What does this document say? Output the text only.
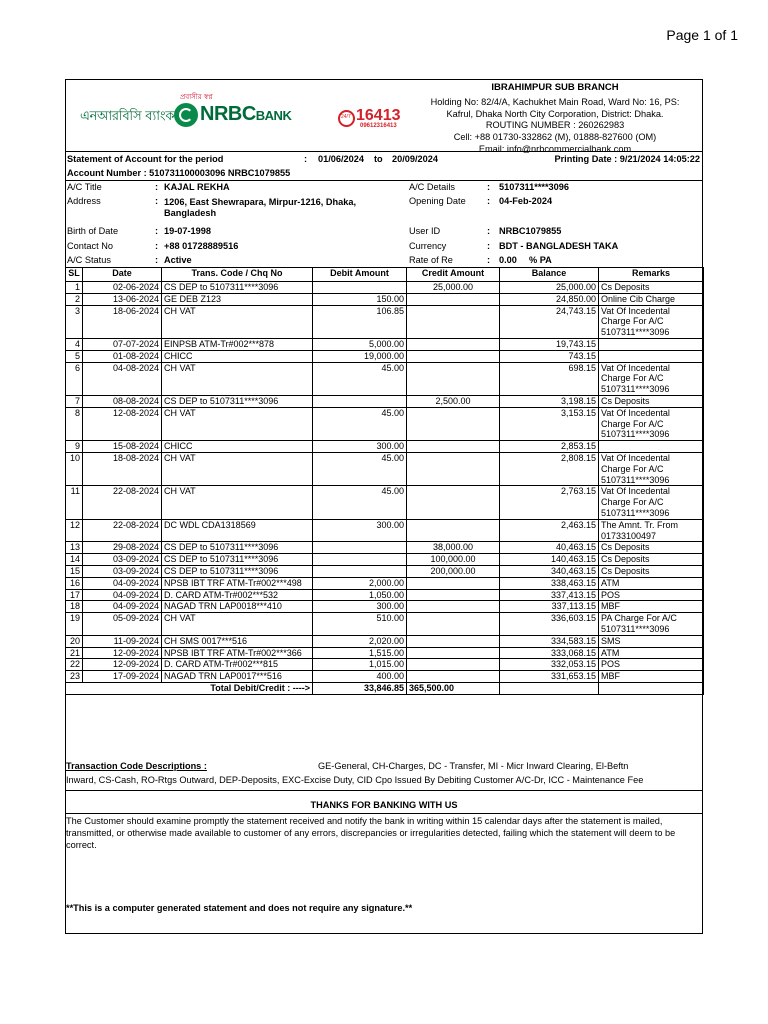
Page 1 of 1
প্রবাসীর স্বপ্ন
এনআরবিসি ব্যাংক NRBCBANK	24/7 16413
09612316413
IBRAHIMPUR SUB BRANCH
Holding No: 82/4/A, Kachukhet Main Road, Ward No: 16, PS:
Kafrul, Dhaka North City Corporation, District: Dhaka.
ROUTING NUMBER : 260262983
Cell: +88 01730-332862 (M), 01888-827600 (OM)
Email: info@nrbcommercialbank.com
Statement of Account for the period	: 01/06/2024 to 20/09/2024	Printing Date : 9/21/2024 14:05:22
Account Number : 510731100003096 NRBC1079855
A/C Title	: KAJAL REKHA
Address	: 1206, East Shewrapara, Mirpur-1216, Dhaka,
Bangladesh
Birth of Date	: 19-07-1998
Contact No	: +88 01728889516
A/C Status	: Active
A/C Details	: 5107311****3096
Opening Date : 04-Feb-2024
User ID	: NRBC1079855
Currency	: BDT - BANGLADESH TAKA
Rate of Re	: 0.00 % PA
SL	Date	Trans. Code / Chq No	Debit Amount	Credit Amount	Balance	Remarks
1	02-06-2024	CS DEP to 5107311****3096		25,000.00	25,000.00	Cs Deposits
2	13-06-2024	GE DEB Z123	150.00		24,850.00	Online Cib Charge
3	18-06-2024	CH VAT	106.85		24,743.15	Vat Of Incedental Charge For A/C 5107311****3096
4	07-07-2024	EINPSB ATM-Tr#002***878	5,000.00		19,743.15	
5	01-08-2024	CHICC	19,000.00		743.15	
6	04-08-2024	CH VAT	45.00		698.15	Vat Of Incedental Charge For A/C 5107311****3096
7	08-08-2024	CS DEP to 5107311****3096		2,500.00	3,198.15	Cs Deposits
8	12-08-2024	CH VAT	45.00		3,153.15	Vat Of Incedental Charge For A/C 5107311****3096
9	15-08-2024	CHICC	300.00		2,853.15	
10	18-08-2024	CH VAT	45.00		2,808.15	Vat Of Incedental Charge For A/C 5107311****3096
11	22-08-2024	CH VAT	45.00		2,763.15	Vat Of Incedental Charge For A/C 5107311****3096
12	22-08-2024	DC WDL CDA1318569	300.00		2,463.15	The Amnt. Tr. From 01733100497
13	29-08-2024	CS DEP to 5107311****3096		38,000.00	40,463.15	Cs Deposits
14	03-09-2024	CS DEP to 5107311****3096		100,000.00	140,463.15	Cs Deposits
15	03-09-2024	CS DEP to 5107311****3096		200,000.00	340,463.15	Cs Deposits
16	04-09-2024	NPSB IBT TRF ATM-Tr#002***498	2,000.00		338,463.15	ATM
17	04-09-2024	D. CARD ATM-Tr#002***532	1,050.00		337,413.15	POS
18	04-09-2024	NAGAD TRN LAP0018***410	300.00		337,113.15	MBF
19	05-09-2024	CH VAT	510.00		336,603.15	PA Charge For A/C 5107311****3096
20	11-09-2024	CH SMS 0017***516	2,020.00		334,583.15	SMS
21	12-09-2024	NPSB IBT TRF ATM-Tr#002***366	1,515.00		333,068.15	ATM
22	12-09-2024	D. CARD ATM-Tr#002***815	1,015.00		332,053.15	POS
23	17-09-2024	NAGAD TRN LAP0017***516	400.00		331,653.15	MBF
Total Debit/Credit : ---->			33,846.85	365,500.00		
Transaction Code Descriptions :	GE-General, CH-Charges, DC - Transfer, MI - Micr Inward Clearing, El-Beftn
Inward, CS-Cash, RO-Rtgs Outward, DEP-Deposits, EXC-Excise Duty, CID Cpo Issued By Debiting Customer A/C-Dr, ICC - Maintenance Fee
THANKS FOR BANKING WITH US
The Customer should examine promptly the statement received and notify the bank in writing within 15 calendar days after the statement is mailed, transmitted, or otherwise made available to customer of any errors, discrepancies or irregularities detected, failing which the statement will deem to be correct.
**This is a computer generated statement and does not require any signature.**
